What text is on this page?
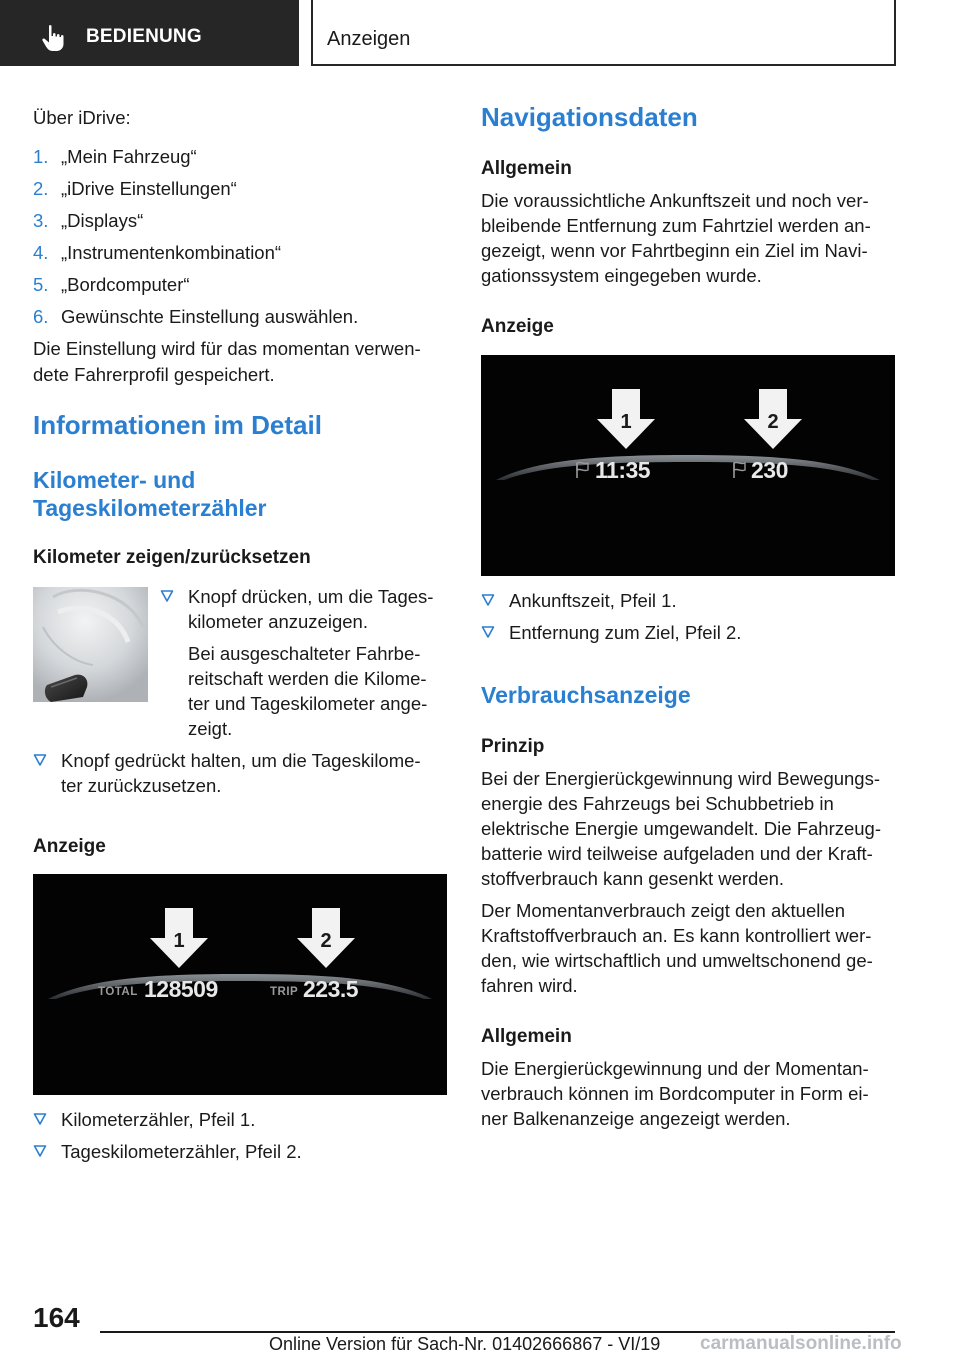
BEDIENUNG	Anzeigen
Über iDrive:
1. „Mein Fahrzeug“
2. „iDrive Einstellungen“
3. „Displays“
4. „Instrumentenkombination“
5. „Bordcomputer“
6. Gewünschte Einstellung auswählen.
Die Einstellung wird für das momentan verwen-
dete Fahrerprofil gespeichert.
Informationen im Detail
Kilometer- und
Tageskilometerzähler
Kilometer zeigen/zurücksetzen
Knopf drücken, um die Tages-
kilometer anzuzeigen.
Bei ausgeschalteter Fahrbe-
reitschaft werden die Kilome-
ter und Tageskilometer ange-
zeigt.
Knopf gedrückt halten, um die Tageskilome-
ter zurückzusetzen.
Anzeige
1	2
TOTAL 128509	TRIP 223.5
Kilometerzähler, Pfeil 1.
Tageskilometerzähler, Pfeil 2.
Navigationsdaten
Allgemein
Die voraussichtliche Ankunftszeit und noch ver-
bleibende Entfernung zum Fahrtziel werden an-
gezeigt, wenn vor Fahrtbeginn ein Ziel im Navi-
gationssystem eingegeben wurde.
Anzeige
1	2
11:35	230
Ankunftszeit, Pfeil 1.
Entfernung zum Ziel, Pfeil 2.
Verbrauchsanzeige
Prinzip
Bei der Energierückgewinnung wird Bewegungs-
energie des Fahrzeugs bei Schubbetrieb in
elektrische Energie umgewandelt. Die Fahrzeug-
batterie wird teilweise aufgeladen und der Kraft-
stoffverbrauch kann gesenkt werden.
Der Momentanverbrauch zeigt den aktuellen
Kraftstoffverbrauch an. Es kann kontrolliert wer-
den, wie wirtschaftlich und umweltschonend ge-
fahren wird.
Allgemein
Die Energierückgewinnung und der Momentan-
verbrauch können im Bordcomputer in Form ei-
ner Balkenanzeige angezeigt werden.
164
Online Version für Sach-Nr. 01402666867 - VI/19 carmanualsonline.info
